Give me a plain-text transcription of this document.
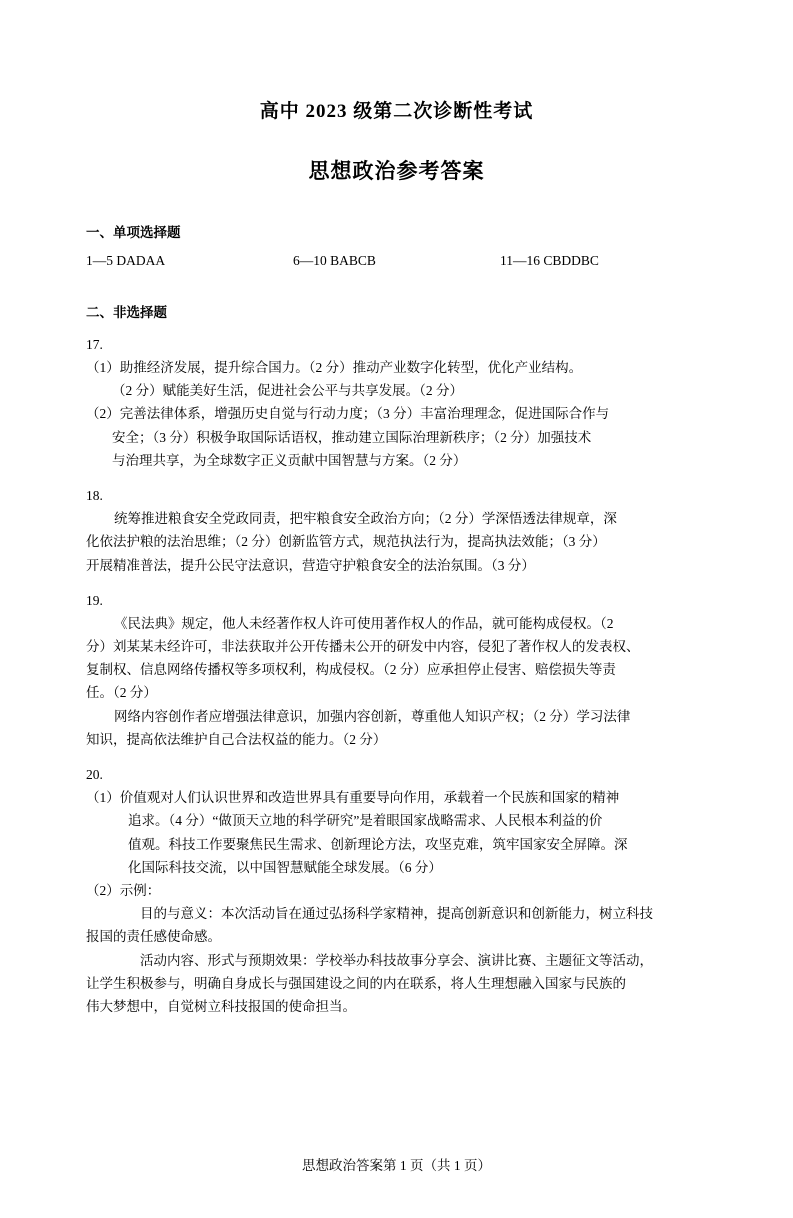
高中 2023 级第二次诊断性考试
思想政治参考答案
一、单项选择题
1—5 DADAA	6—10 BABCB	11—16 CBDDBC
二、非选择题
17.

（1）助推经济发展，提升综合国力。（2 分）推动产业数字化转型，优化产业结构。

（2 分）赋能美好生活，促进社会公平与共享发展。（2 分）

（2）完善法律体系，增强历史自觉与行动力度；（3 分）丰富治理理念，促进国际合作与

安全；（3 分）积极争取国际话语权，推动建立国际治理新秩序；（2 分）加强技术

与治理共享，为全球数字正义贡献中国智慧与方案。（2 分）

18.

统筹推进粮食安全党政同责，把牢粮食安全政治方向；（2 分）学深悟透法律规章，深

化依法护粮的法治思维；（2 分）创新监管方式，规范执法行为，提高执法效能；（3 分）

开展精准普法，提升公民守法意识，营造守护粮食安全的法治氛围。（3 分）

19.

《民法典》规定，他人未经著作权人许可使用著作权人的作品，就可能构成侵权。（2

分）刘某某未经许可，非法获取并公开传播未公开的研发中内容，侵犯了著作权人的发表权、

复制权、信息网络传播权等多项权利，构成侵权。（2 分）应承担停止侵害、赔偿损失等责

任。（2 分）

网络内容创作者应增强法律意识，加强内容创新，尊重他人知识产权；（2 分）学习法律

知识，提高依法维护自己合法权益的能力。（2 分）

20.

（1）价值观对人们认识世界和改造世界具有重要导向作用，承载着一个民族和国家的精神

追求。（4 分）“做顶天立地的科学研究”是着眼国家战略需求、人民根本利益的价

值观。科技工作要聚焦民生需求、创新理论方法，攻坚克难，筑牢国家安全屏障。深

化国际科技交流，以中国智慧赋能全球发展。（6 分）

（2）示例：

目的与意义：本次活动旨在通过弘扬科学家精神，提高创新意识和创新能力，树立科技

报国的责任感使命感。

活动内容、形式与预期效果：学校举办科技故事分享会、演讲比赛、主题征文等活动，

让学生积极参与，明确自身成长与强国建设之间的内在联系，将人生理想融入国家与民族的

伟大梦想中，自觉树立科技报国的使命担当。

思想政治答案第 1 页（共 1 页）
